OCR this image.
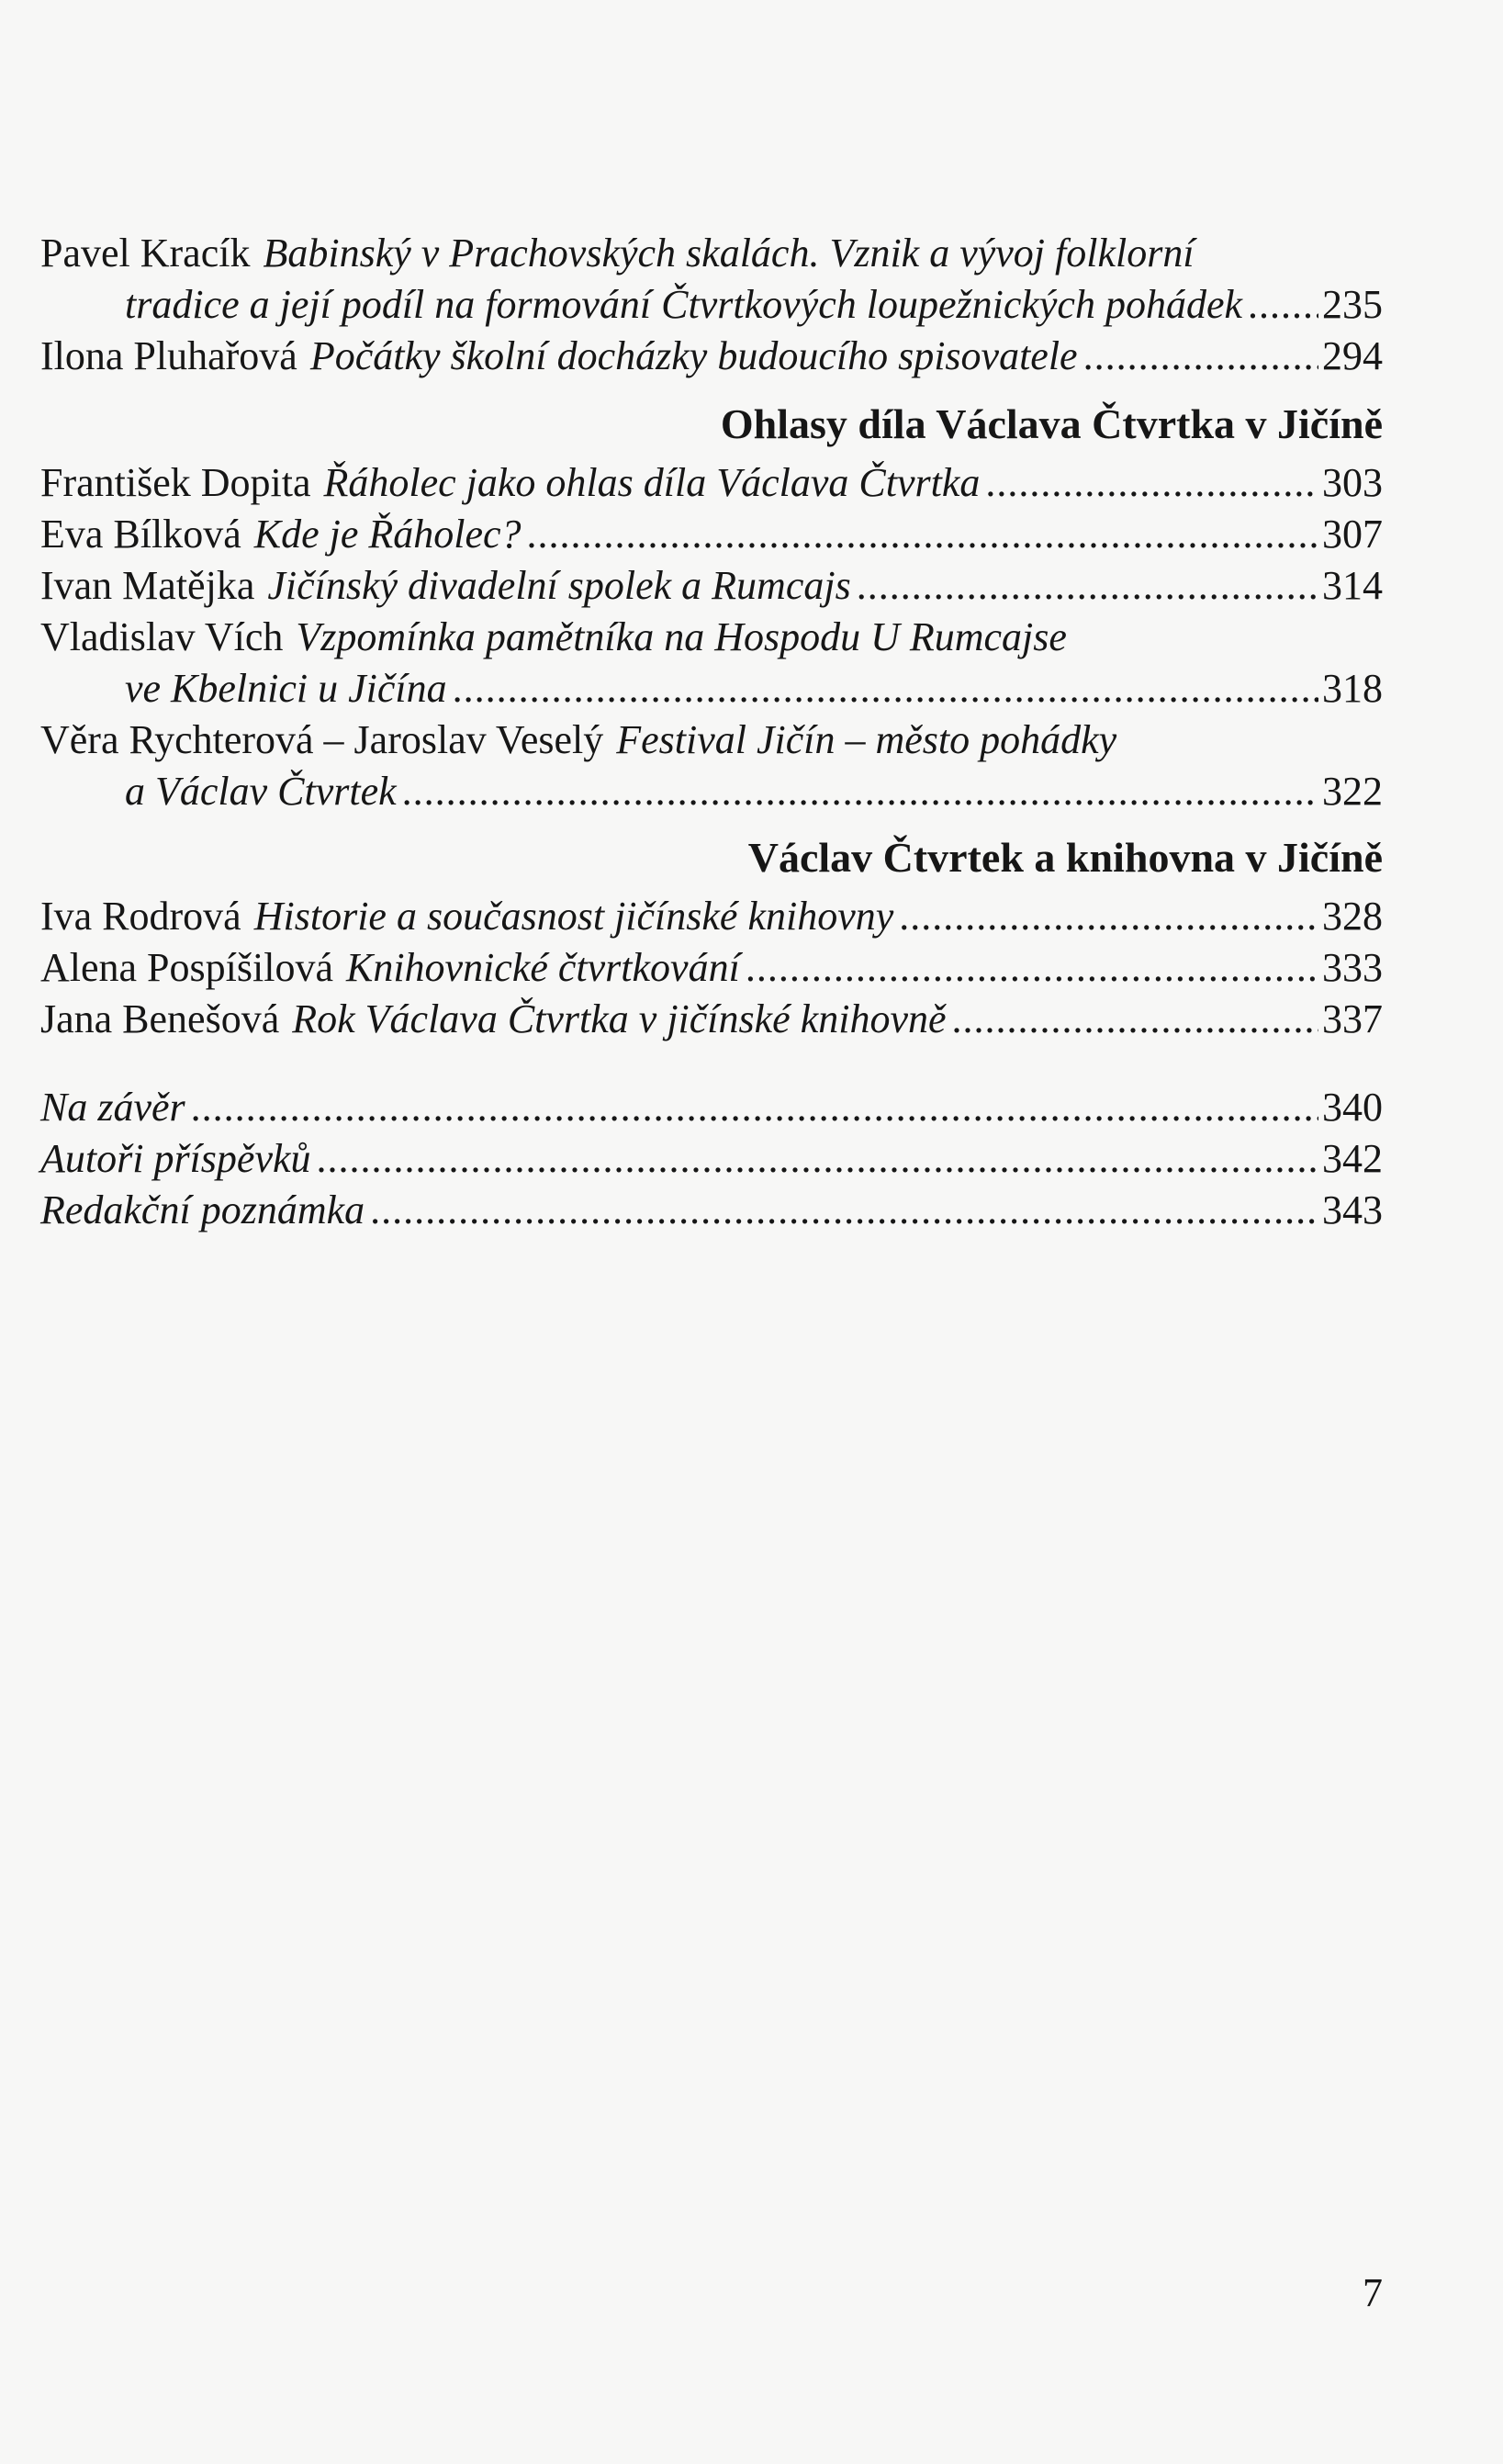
Pavel Kracík Babinský v Prachovských skalách. Vznik a vývoj folklorní
tradice a její podíl na formování Čtvrtkových loupežnických pohádek ..... 235
Ilona Pluhařová Počátky školní docházky budoucího spisovatele .....	294
Ohlasy díla Václava Čtvrtka v Jičíně
František Dopita Řáholec jako ohlas díla Václava Čtvrtka .....	303
Eva Bílková Kde je Řáholec? .....	307
Ivan Matějka Jičínský divadelní spolek a Rumcajs .....	314
Vladislav Vích Vzpomínka pamětníka na Hospodu U Rumcajse
ve Kbelnici u Jičína .....	318
Věra Rychterová – Jaroslav Veselý Festival Jičín – město pohádky
a Václav Čtvrtek .....	322
Václav Čtvrtek a knihovna v Jičíně
Iva Rodrová Historie a současnost jičínské knihovny .....	328
Alena Pospíšilová Knihovnické čtvrtkování .....	333
Jana Benešová Rok Václava Čtvrtka v jičínské knihovně .....	337
Na závěr .....	340
Autoři příspěvků .....	342
Redakční poznámka .....	343
7
